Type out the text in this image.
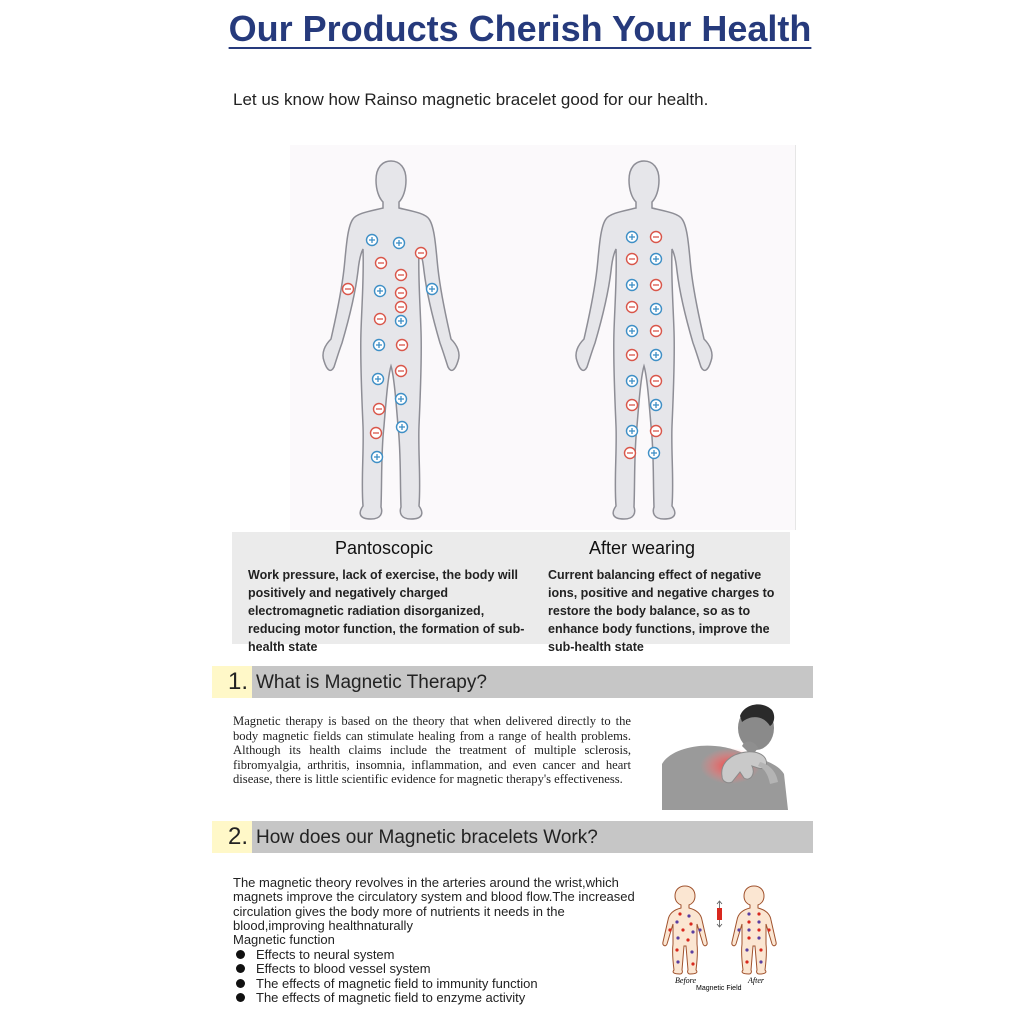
Our Products Cherish Your Health
Let us know how Rainso magnetic bracelet good for our health.
Pantoscopic
Work pressure, lack of exercise, the body will positively and negatively charged electromagnetic radiation disorganized, reducing motor function, the formation of sub-health state
After wearing
Current balancing effect of negative ions, positive and negative charges to restore the body balance, so as to enhance body functions, improve the sub-health state
1. What is Magnetic Therapy?
Magnetic therapy is based on the theory that when delivered directly to the body magnetic fields can stimulate healing from a range of health problems. Although its health claims include the treatment of multiple sclerosis, fibromyalgia, arthritis, insomnia, inflammation, and even cancer and heart disease, there is little scientific evidence for magnetic therapy's effectiveness.
2. How does our Magnetic bracelets Work?
The magnetic theory revolves in the arteries around the wrist,which magnets improve the circulatory system and blood flow.The increased circulation gives the body more of nutrients it needs in the blood,improving healthnaturally
Magnetic function
Effects to neural system
Effects to blood vessel system
The effects of magnetic field to immunity function
The effects of magnetic field to enzyme activity
Before	After
Magnetic Field
